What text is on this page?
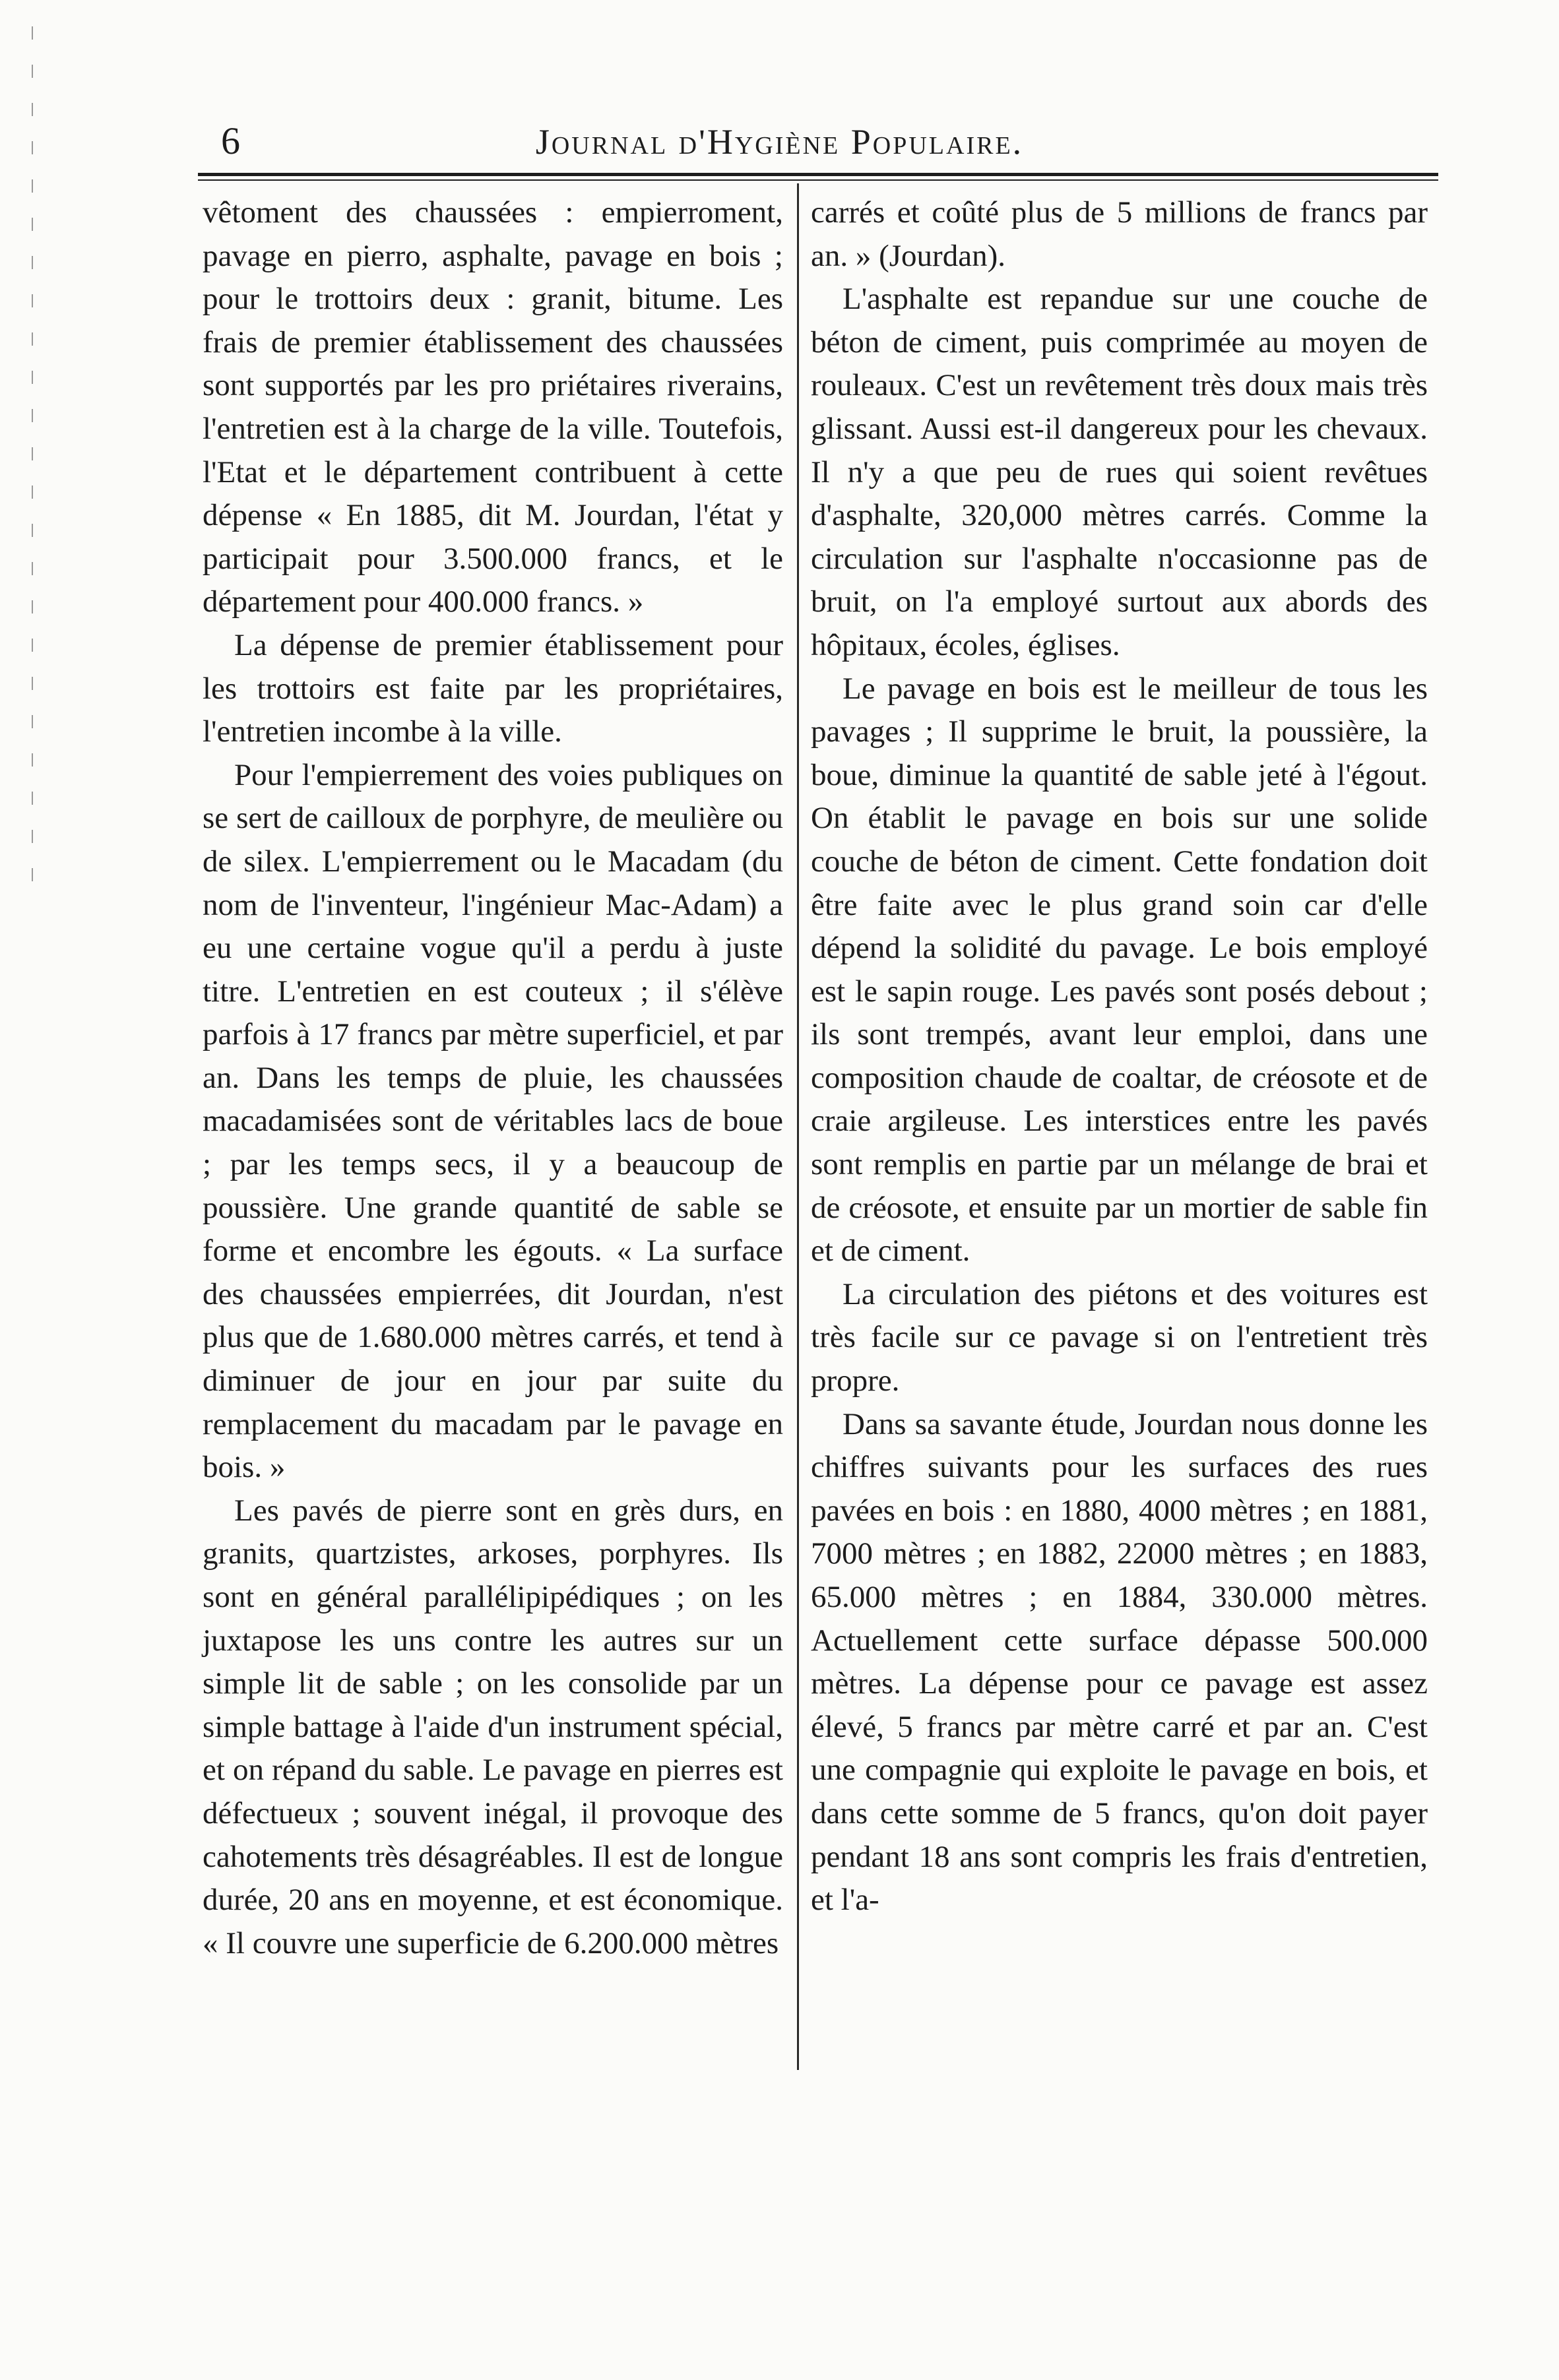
6	Journal d'Hygiène Populaire.

vêtoment des chaussées : empierroment, pavage en pierro, asphalte, pavage en bois ; pour le trottoirs deux : granit, bitume. Les frais de premier établissement des chaussées sont supportés par les pro priétaires riverains, l'entretien est à la charge de la ville. Toutefois, l'Etat et le département contribuent à cette dépense « En 1885, dit M. Jourdan, l'état y participait pour 3.500.000 francs, et le département pour 400.000 francs. »

La dépense de premier établissement pour les trottoirs est faite par les propriétaires, l'entretien incombe à la ville.

Pour l'empierrement des voies publiques on se sert de cailloux de porphyre, de meulière ou de silex. L'empierrement ou le Macadam (du nom de l'inventeur, l'ingénieur Mac-Adam) a eu une certaine vogue qu'il a perdu à juste titre. L'entretien en est couteux ; il s'élève parfois à 17 francs par mètre superficiel, et par an. Dans les temps de pluie, les chaussées macadamisées sont de véritables lacs de boue ; par les temps secs, il y a beaucoup de poussière. Une grande quantité de sable se forme et encombre les égouts. « La surface des chaussées empierrées, dit Jourdan, n'est plus que de 1.680.000 mètres carrés, et tend à diminuer de jour en jour par suite du remplacement du macadam par le pavage en bois. »

Les pavés de pierre sont en grès durs, en granits, quartzistes, arkoses, porphyres. Ils sont en général parallélipipédiques ; on les juxtapose les uns contre les autres sur un simple lit de sable ; on les consolide par un simple battage à l'aide d'un instrument spécial, et on répand du sable. Le pavage en pierres est défectueux ; souvent inégal, il provoque des cahotements très désagréables. Il est de longue durée, 20 ans en moyenne, et est économique. « Il couvre une superficie de 6.200.000 mètres

carrés et coûté plus de 5 millions de francs par an. » (Jourdan).

L'asphalte est repandue sur une couche de béton de ciment, puis comprimée au moyen de rouleaux. C'est un revêtement très doux mais très glissant. Aussi est-il dangereux pour les chevaux. Il n'y a que peu de rues qui soient revêtues d'asphalte, 320,000 mètres carrés. Comme la circulation sur l'asphalte n'occasionne pas de bruit, on l'a employé surtout aux abords des hôpitaux, écoles, églises.

Le pavage en bois est le meilleur de tous les pavages ; Il supprime le bruit, la poussière, la boue, diminue la quantité de sable jeté à l'égout. On établit le pavage en bois sur une solide couche de béton de ciment. Cette fondation doit être faite avec le plus grand soin car d'elle dépend la solidité du pavage. Le bois employé est le sapin rouge. Les pavés sont posés debout ; ils sont trempés, avant leur emploi, dans une composition chaude de coaltar, de créosote et de craie argileuse. Les interstices entre les pavés sont remplis en partie par un mélange de brai et de créosote, et ensuite par un mortier de sable fin et de ciment.

La circulation des piétons et des voitures est très facile sur ce pavage si on l'entretient très propre.

Dans sa savante étude, Jourdan nous donne les chiffres suivants pour les surfaces des rues pavées en bois : en 1880, 4000 mètres ; en 1881, 7000 mètres ; en 1882, 22000 mètres ; en 1883, 65.000 mètres ; en 1884, 330.000 mètres. Actuellement cette surface dépasse 500.000 mètres. La dépense pour ce pavage est assez élevé, 5 francs par mètre carré et par an. C'est une compagnie qui exploite le pavage en bois, et dans cette somme de 5 francs, qu'on doit payer pendant 18 ans sont compris les frais d'entretien, et l'a-
